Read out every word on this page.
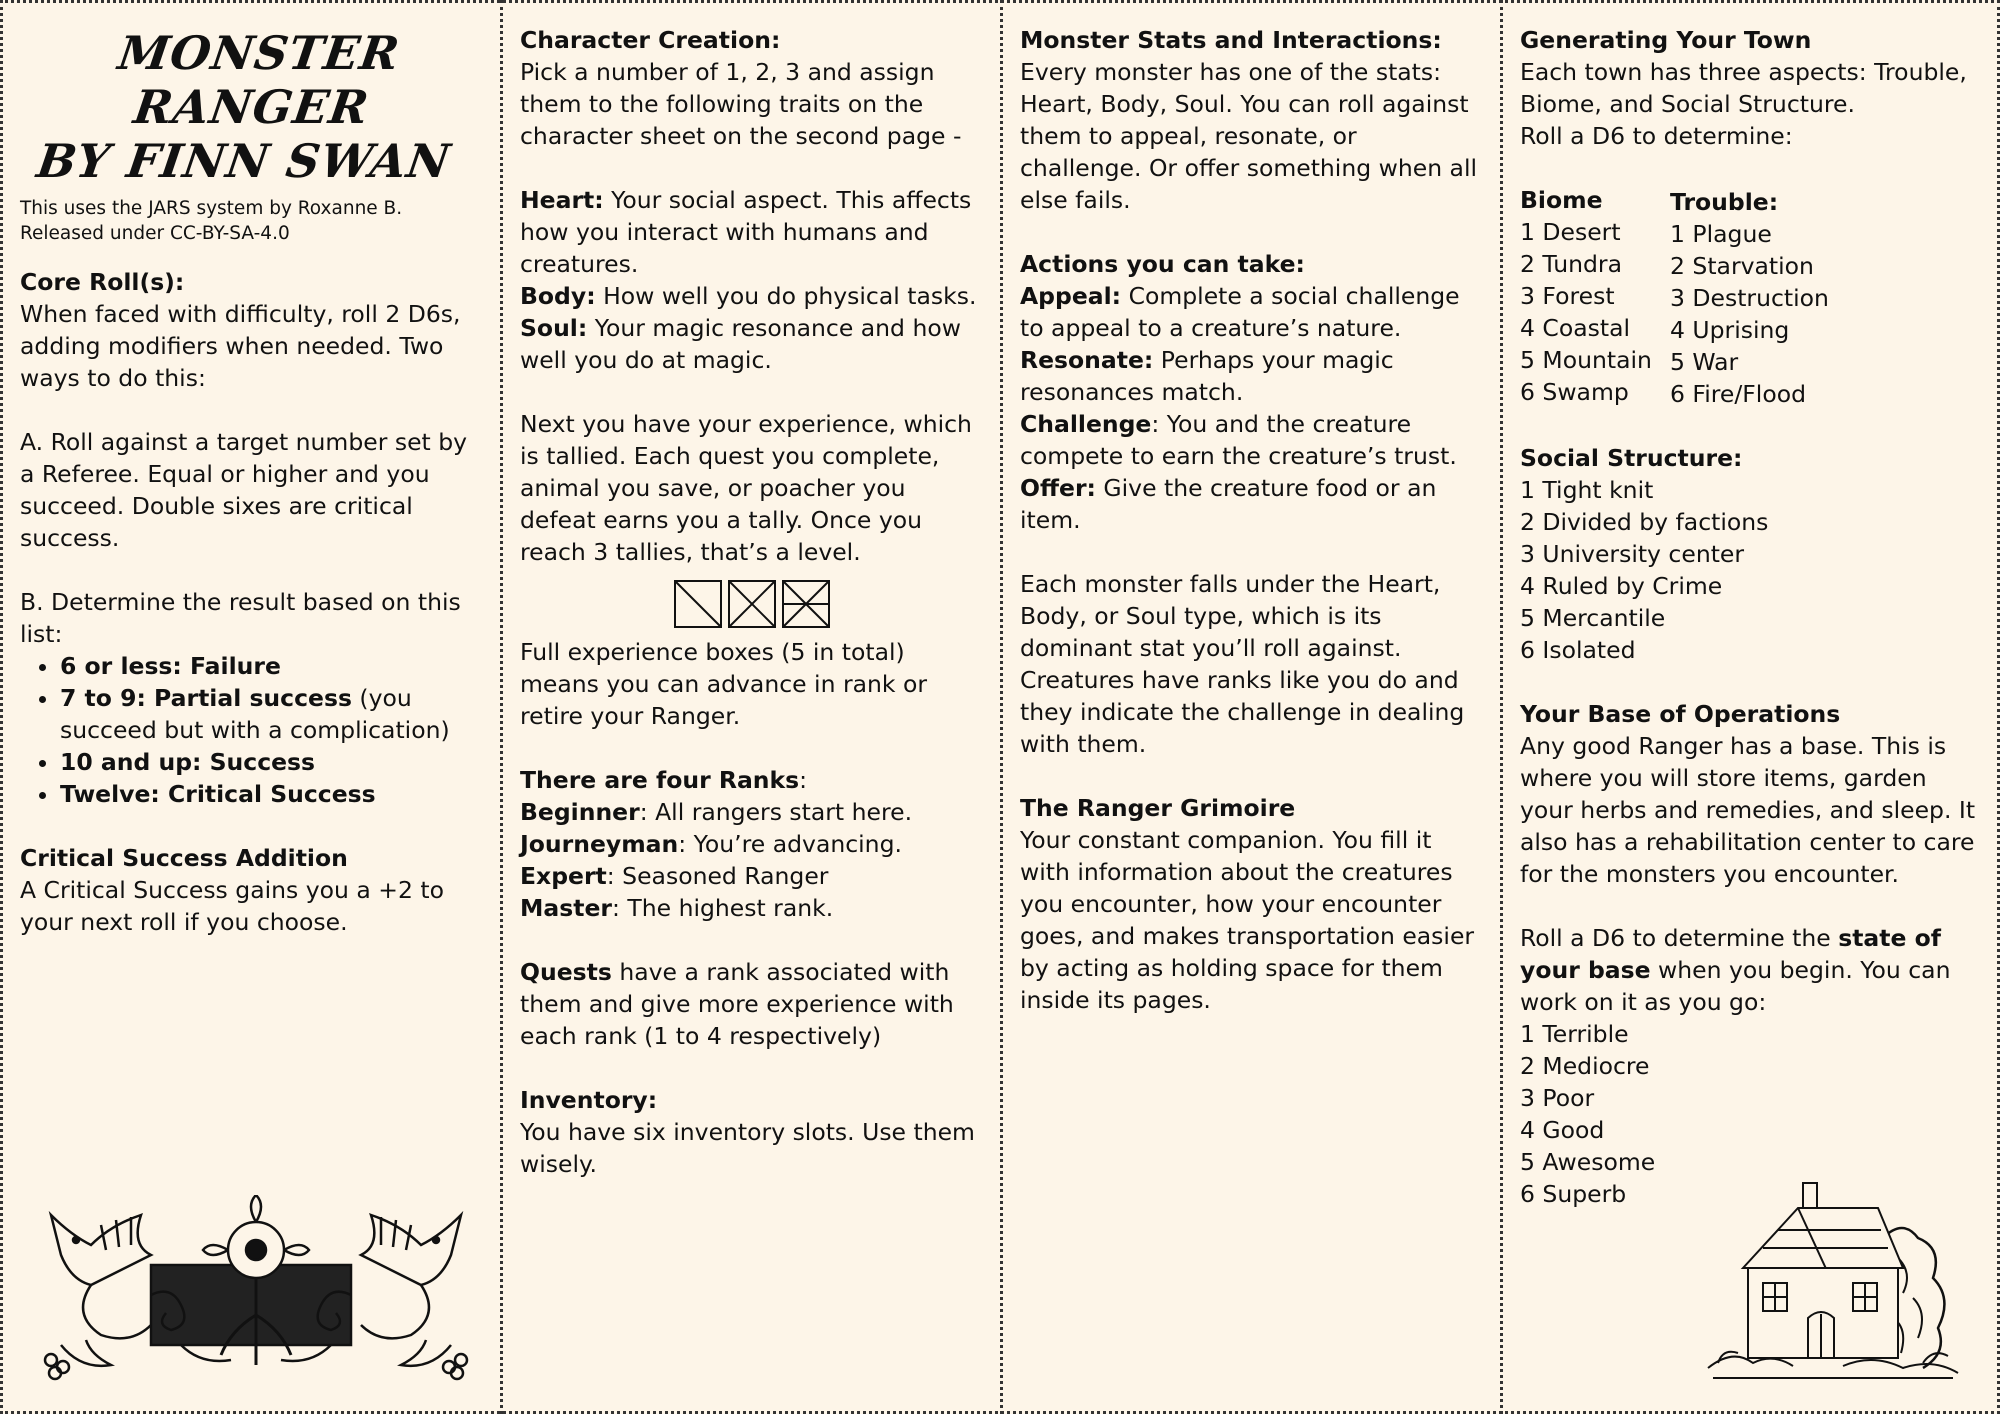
MONSTER RANGER
BY FINN SWAN

This uses the JARS system by Roxanne B.

Released under CC-BY-SA-4.0

Core Roll(s):

When faced with difficulty, roll 2 D6s, adding modifiers when needed. Two ways to do this:

A. Roll against a target number set by a Referee. Equal or higher and you succeed. Double sixes are critical success.

B. Determine the result based on this list:

• 6 or less: Failure
• 7 to 9: Partial success (you succeed but with a complication)
• 10 and up: Success
• Twelve: Critical Success

Critical Success Addition

A Critical Success gains you a +2 to your next roll if you choose.

Character Creation:

Pick a number of 1, 2, 3 and assign them to the following traits on the character sheet on the second page -

Heart: Your social aspect. This affects how you interact with humans and creatures.

Body: How well you do physical tasks.

Soul: Your magic resonance and how well you do at magic.

Next you have your experience, which is tallied. Each quest you complete, animal you save, or poacher you defeat earns you a tally. Once you reach 3 tallies, that’s a level.

Full experience boxes (5 in total) means you can advance in rank or retire your Ranger.

There are four Ranks:

Beginner: All rangers start here.

Journeyman: You’re advancing.

Expert: Seasoned Ranger

Master: The highest rank.

Quests have a rank associated with them and give more experience with each rank (1 to 4 respectively)

Inventory:

You have six inventory slots. Use them wisely.

Monster Stats and Interactions:

Every monster has one of the stats: Heart, Body, Soul. You can roll against them to appeal, resonate, or challenge. Or offer something when all else fails.

Actions you can take:

Appeal: Complete a social challenge to appeal to a creature’s nature.

Resonate: Perhaps your magic resonances match.

Challenge: You and the creature compete to earn the creature’s trust.

Offer: Give the creature food or an item.

Each monster falls under the Heart, Body, or Soul type, which is its dominant stat you’ll roll against. Creatures have ranks like you do and they indicate the challenge in dealing with them.

The Ranger Grimoire

Your constant companion. You fill it with information about the creatures you encounter, how your encounter goes, and makes transportation easier by acting as holding space for them inside its pages.

Generating Your Town

Each town has three aspects: Trouble, Biome, and Social Structure.

Roll a D6 to determine:

Biome

1 Desert

2 Tundra

3 Forest

4 Coastal

5 Mountain

6 Swamp

Trouble:

1 Plague

2 Starvation

3 Destruction

4 Uprising

5 War

6 Fire/Flood

Social Structure:

1 Tight knit

2 Divided by factions

3 University center

4 Ruled by Crime

5 Mercantile

6 Isolated

Your Base of Operations

Any good Ranger has a base. This is where you will store items, garden your herbs and remedies, and sleep. It also has a rehabilitation center to care for the monsters you encounter.

Roll a D6 to determine the state of your base when you begin. You can work on it as you go:

1 Terrible

2 Mediocre

3 Poor

4 Good

5 Awesome

6 Superb
